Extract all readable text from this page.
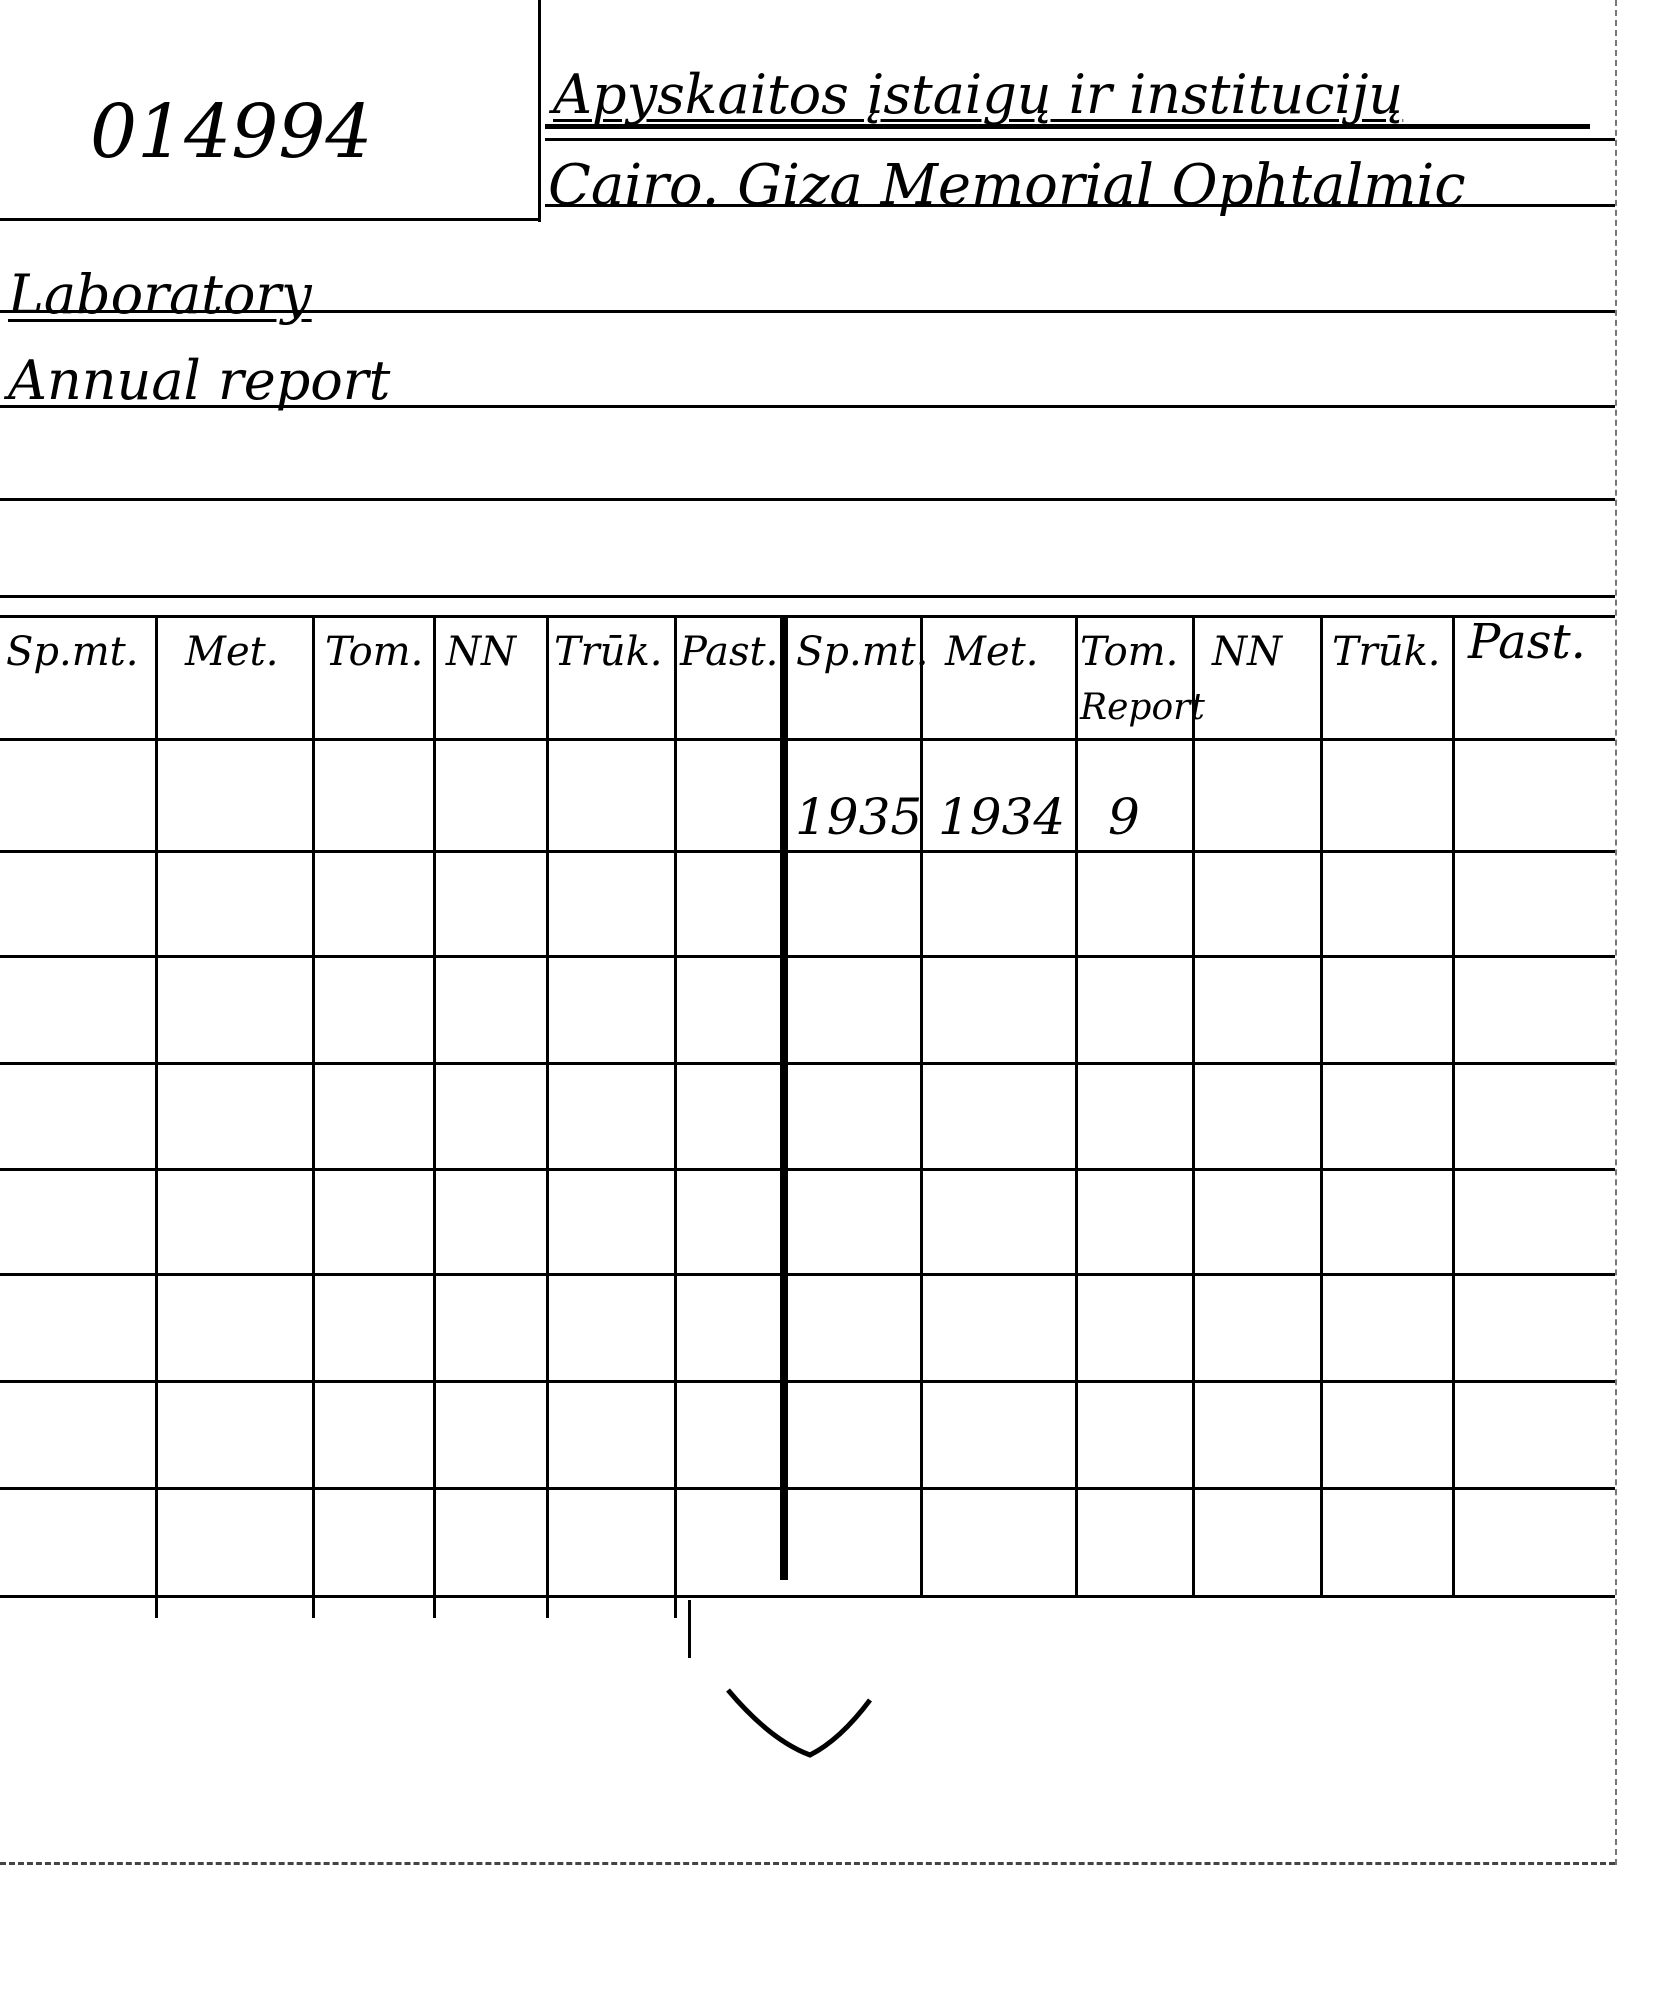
014994	Apyskaitos įstaigų ir institucijų
Cairo. Giza Memorial Ophtalmic
Laboratory
Annual report
Sp.mt. Met. Tom. NN Trūk. Past. Sp.mt. Met. Tom.
Report
NN Trūk. Past.
1935 1934 9
